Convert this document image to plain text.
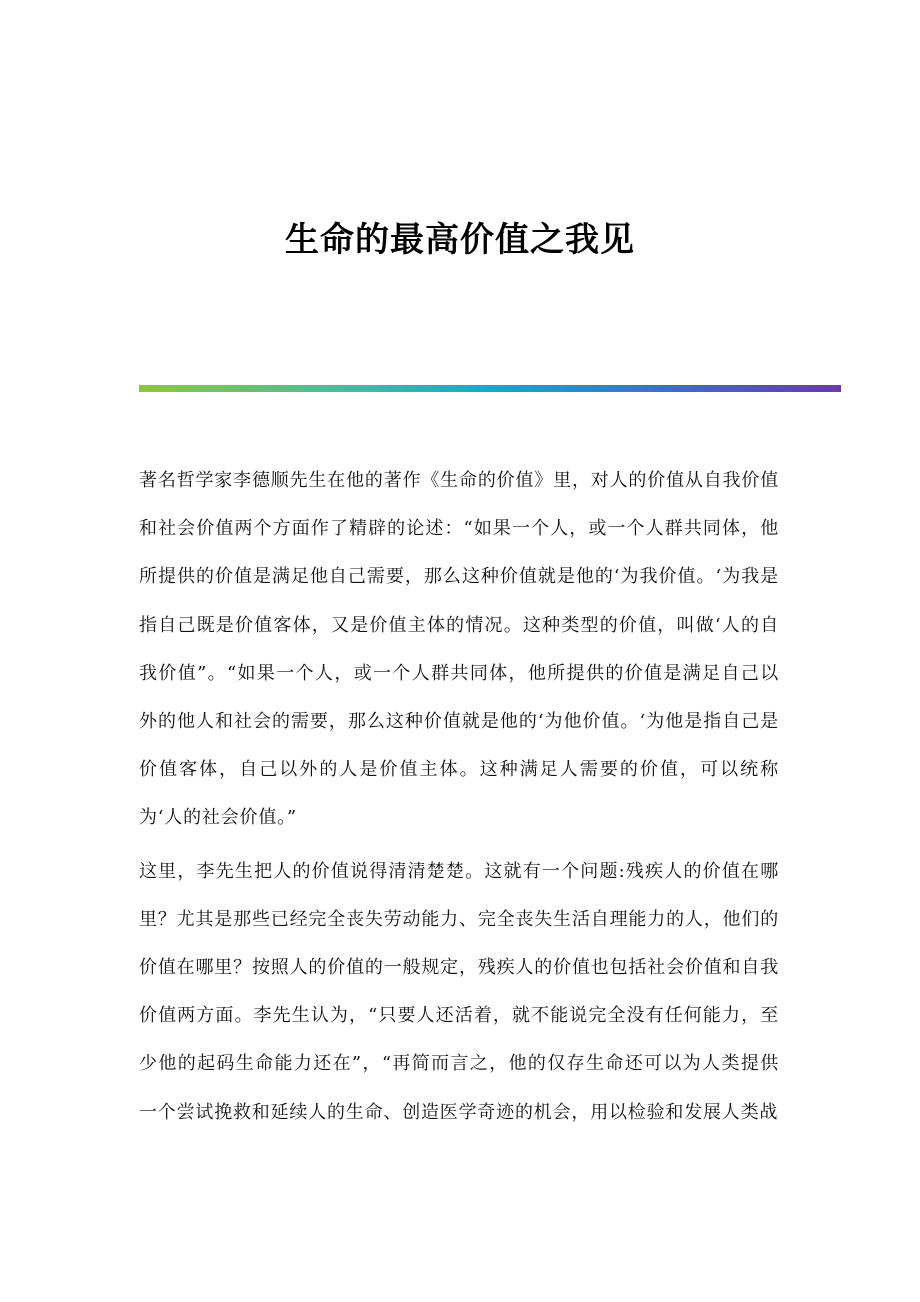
生命的最高价值之我见

著名哲学家李德顺先生在他的著作《生命的价值》里，对人的价值从自我价值和社会价值两个方面作了精辟的论述：“如果一个人，或一个人群共同体，他所提供的价值是满足他自己需要，那么这种价值就是他的‘为我价值。‘为我是指自己既是价值客体，又是价值主体的情况。这种类型的价值，叫做‘人的自我价值”。“如果一个人，或一个人群共同体，他所提供的价值是满足自己以外的他人和社会的需要，那么这种价值就是他的‘为他价值。‘为他是指自己是价值客体，自己以外的人是价值主体。这种满足人需要的价值，可以统称为‘人的社会价值。”

这里，李先生把人的价值说得清清楚楚。这就有一个问题:残疾人的价值在哪里？尤其是那些已经完全丧失劳动能力、完全丧失生活自理能力的人，他们的价值在哪里？按照人的价值的一般规定，残疾人的价值也包括社会价值和自我价值两方面。李先生认为，“只要人还活着，就不能说完全没有任何能力，至少他的起码生命能力还在”，“再简而言之，他的仅存生命还可以为人类提供一个尝试挽救和延续人的生命、创造医学奇迹的机会，用以检验和发展人类战
